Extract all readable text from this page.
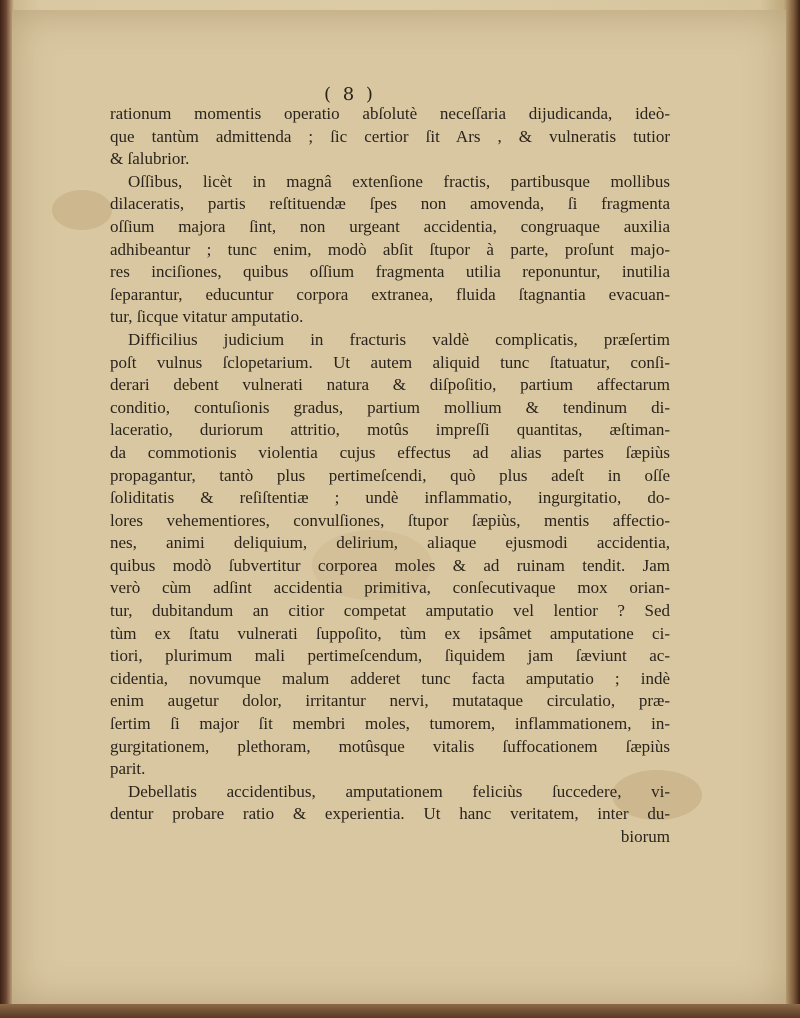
( 8 )
rationum momentis operatio abſolutè neceſſaria dijudicanda, ideò-
que tantùm admittenda ; ſic certior ſit Ars , & vulneratis tutior
& ſalubrior.
Oſſibus, licèt in magnâ extenſione fractis, partibusque mollibus
dilaceratis, partis reſtituendæ ſpes non amovenda, ſi fragmenta
oſſium majora ſint, non urgeant accidentia, congruaque auxilia
adhibeantur ; tunc enim, modò abſit ſtupor à parte, proſunt majo-
res inciſiones, quibus oſſium fragmenta utilia reponuntur, inutilia
ſeparantur, educuntur corpora extranea, fluida ſtagnantia evacuan-
tur, ſicque vitatur amputatio.
Difficilius judicium in fracturis valdè complicatis, præſertim
poſt vulnus ſclopetarium. Ut autem aliquid tunc ſtatuatur, conſi-
derari debent vulnerati natura & diſpoſitio, partium affectarum
conditio, contuſionis gradus, partium mollium & tendinum di-
laceratio, duriorum attritio, motûs impreſſi quantitas, æſtiman-
da commotionis violentia cujus effectus ad alias partes ſæpiùs
propagantur, tantò plus pertimeſcendi, quò plus adeſt in oſſe
ſoliditatis & reſiſtentiæ ; undè inflammatio, ingurgitatio, do-
lores vehementiores, convulſiones, ſtupor ſæpiùs, mentis affectio-
nes, animi deliquium, delirium, aliaque ejusmodi accidentia,
quibus modò ſubvertitur corporea moles & ad ruinam tendit. Jam
verò cùm adſint accidentia primitiva, conſecutivaque mox orian-
tur, dubitandum an citior competat amputatio vel lentior ? Sed
tùm ex ſtatu vulnerati ſuppoſito, tùm ex ipsâmet amputatione ci-
tiori, plurimum mali pertimeſcendum, ſiquidem jam ſæviunt ac-
cidentia, novumque malum adderet tunc facta amputatio ; indè
enim augetur dolor, irritantur nervi, mutataque circulatio, præ-
ſertim ſi major ſit membri moles, tumorem, inflammationem, in-
gurgitationem, plethoram, motûsque vitalis ſuffocationem ſæpiùs
parit.
Debellatis accidentibus, amputationem feliciùs ſuccedere, vi-
dentur probare ratio & experientia. Ut hanc veritatem, inter du-
biorum
